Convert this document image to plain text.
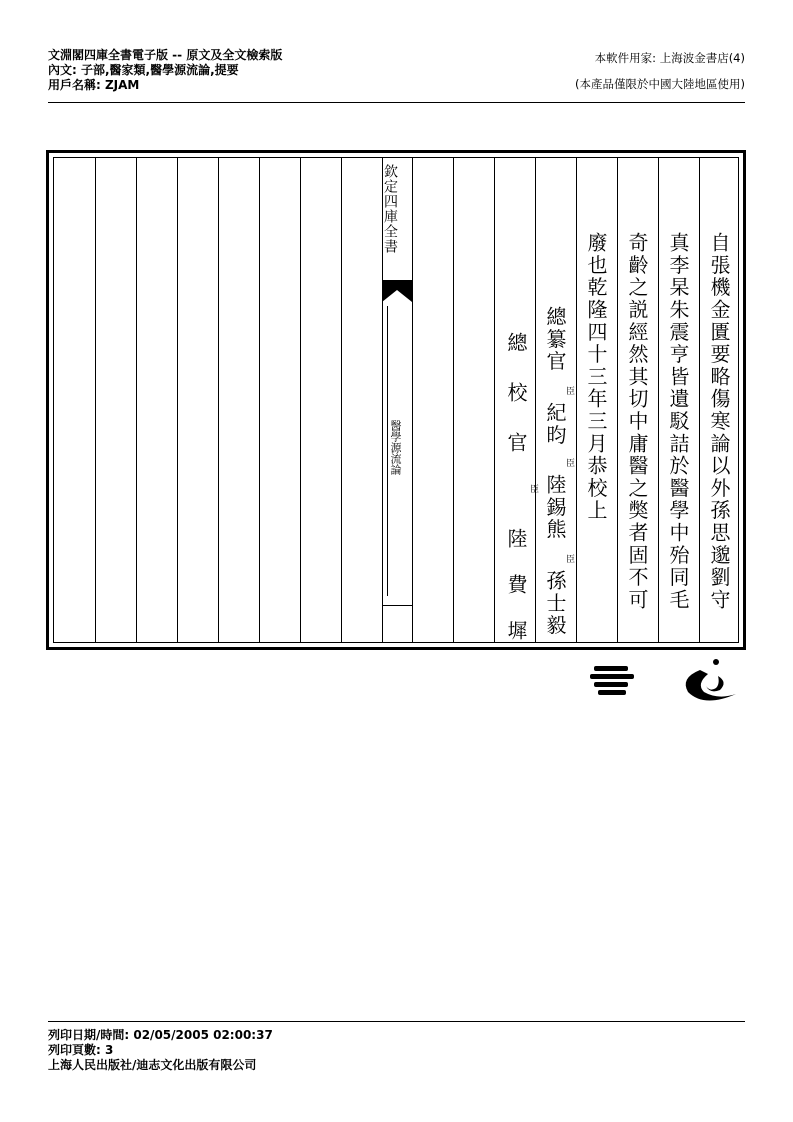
文淵閣四庫全書電子版 -- 原文及全文檢索版
內文: 子部,醫家類,醫學源流論,提要
用戶名稱: ZJAM
本軟件用家: 上海波金書店(4)
(本產品僅限於中國大陸地區使用)
欽定四庫全書
醫學源流論	自張機金匱要略傷寒論以外孫思邈劉守
真李杲朱震亨皆遺駁詰於醫學中殆同毛
奇齡之説經然其切中庸醫之獘者固不可
廢也乾隆四十三年三月恭校上
總纂官
臣
紀昀
臣
陸錫熊
臣
孫士毅
總
校
官
臣
陸
費
墀
列印日期/時間: 02/05/2005 02:00:37
列印頁數: 3
上海人民出版社/迪志文化出版有限公司
